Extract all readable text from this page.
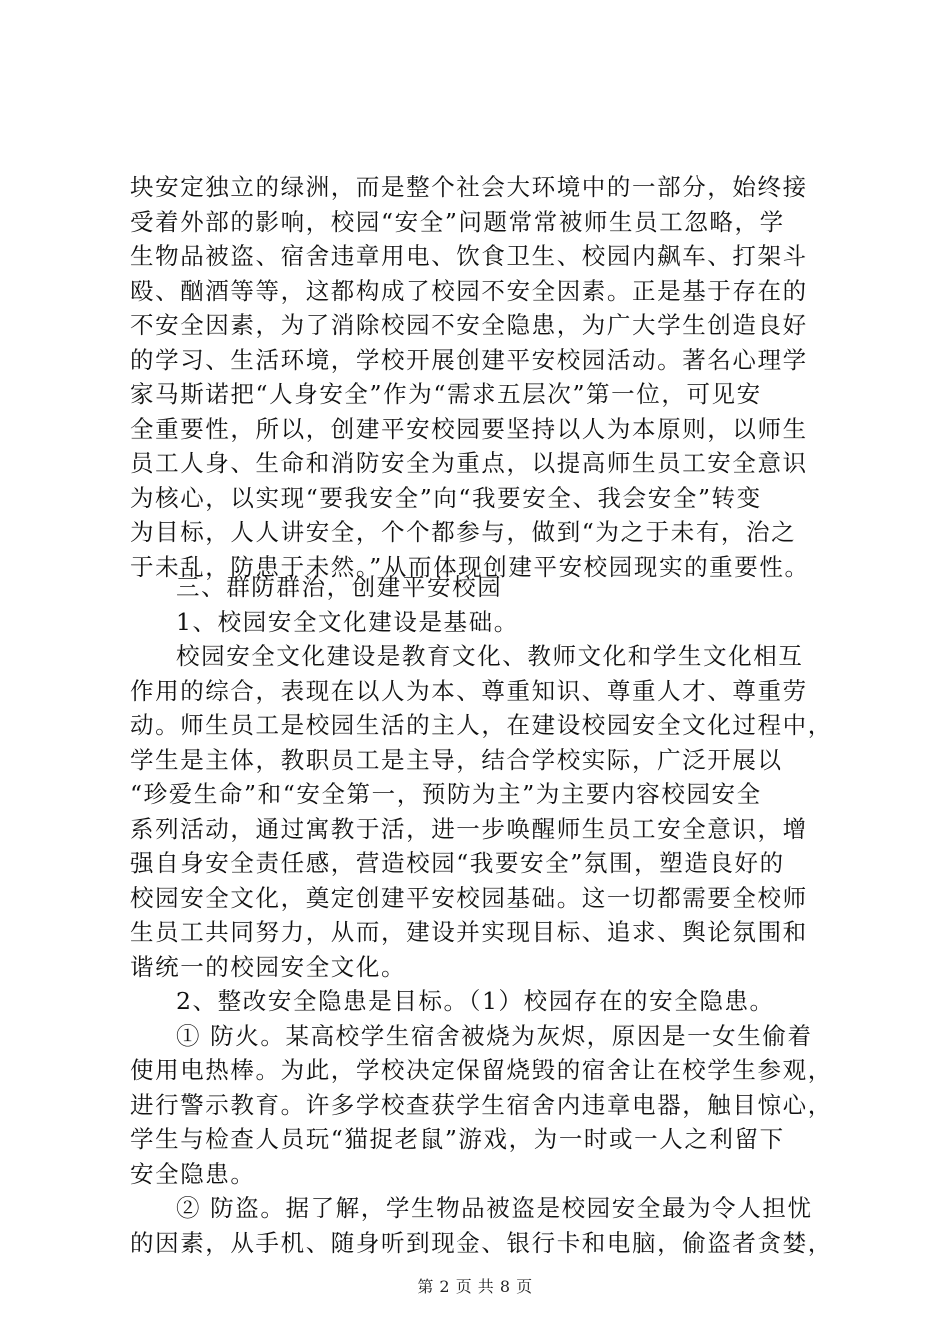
块安定独立的绿洲，而是整个社会大环境中的一部分，始终接
受着外部的影响，校园“安全”问题常常被师生员工忽略，学
生物品被盗、宿舍违章用电、饮食卫生、校园内飙车、打架斗
殴、酗酒等等，这都构成了校园不安全因素。正是基于存在的
不安全因素，为了消除校园不安全隐患，为广大学生创造良好
的学习、生活环境，学校开展创建平安校园活动。著名心理学
家马斯诺把“人身安全”作为“需求五层次”第一位，可见安
全重要性，所以，创建平安校园要坚持以人为本原则，以师生
员工人身、生命和消防安全为重点，以提高师生员工安全意识
为核心，以实现“要我安全”向“我要安全、我会安全”转变
为目标，人人讲安全，个个都参与，做到“为之于未有，治之
于未乱，防患于未然。”从而体现创建平安校园现实的重要性。
三、群防群治，创建平安校园
1、校园安全文化建设是基础。
校园安全文化建设是教育文化、教师文化和学生文化相互
作用的综合，表现在以人为本、尊重知识、尊重人才、尊重劳
动。师生员工是校园生活的主人，在建设校园安全文化过程中，
学生是主体，教职员工是主导，结合学校实际，广泛开展以
“珍爱生命”和“安全第一，预防为主”为主要内容校园安全
系列活动，通过寓教于活，进一步唤醒师生员工安全意识，增
强自身安全责任感，营造校园“我要安全”氛围，塑造良好的
校园安全文化，奠定创建平安校园基础。这一切都需要全校师
生员工共同努力，从而，建设并实现目标、追求、舆论氛围和
谐统一的校园安全文化。
2、整改安全隐患是目标。（1）校园存在的安全隐患。
① 防火。某高校学生宿舍被烧为灰烬，原因是一女生偷着
使用电热棒。为此，学校决定保留烧毁的宿舍让在校学生参观，
进行警示教育。许多学校查获学生宿舍内违章电器，触目惊心，
学生与检查人员玩“猫捉老鼠”游戏，为一时或一人之利留下
安全隐患。
② 防盗。据了解，学生物品被盗是校园安全最为令人担忧
的因素，从手机、随身听到现金、银行卡和电脑，偷盗者贪婪，
第 2 页 共 8 页
